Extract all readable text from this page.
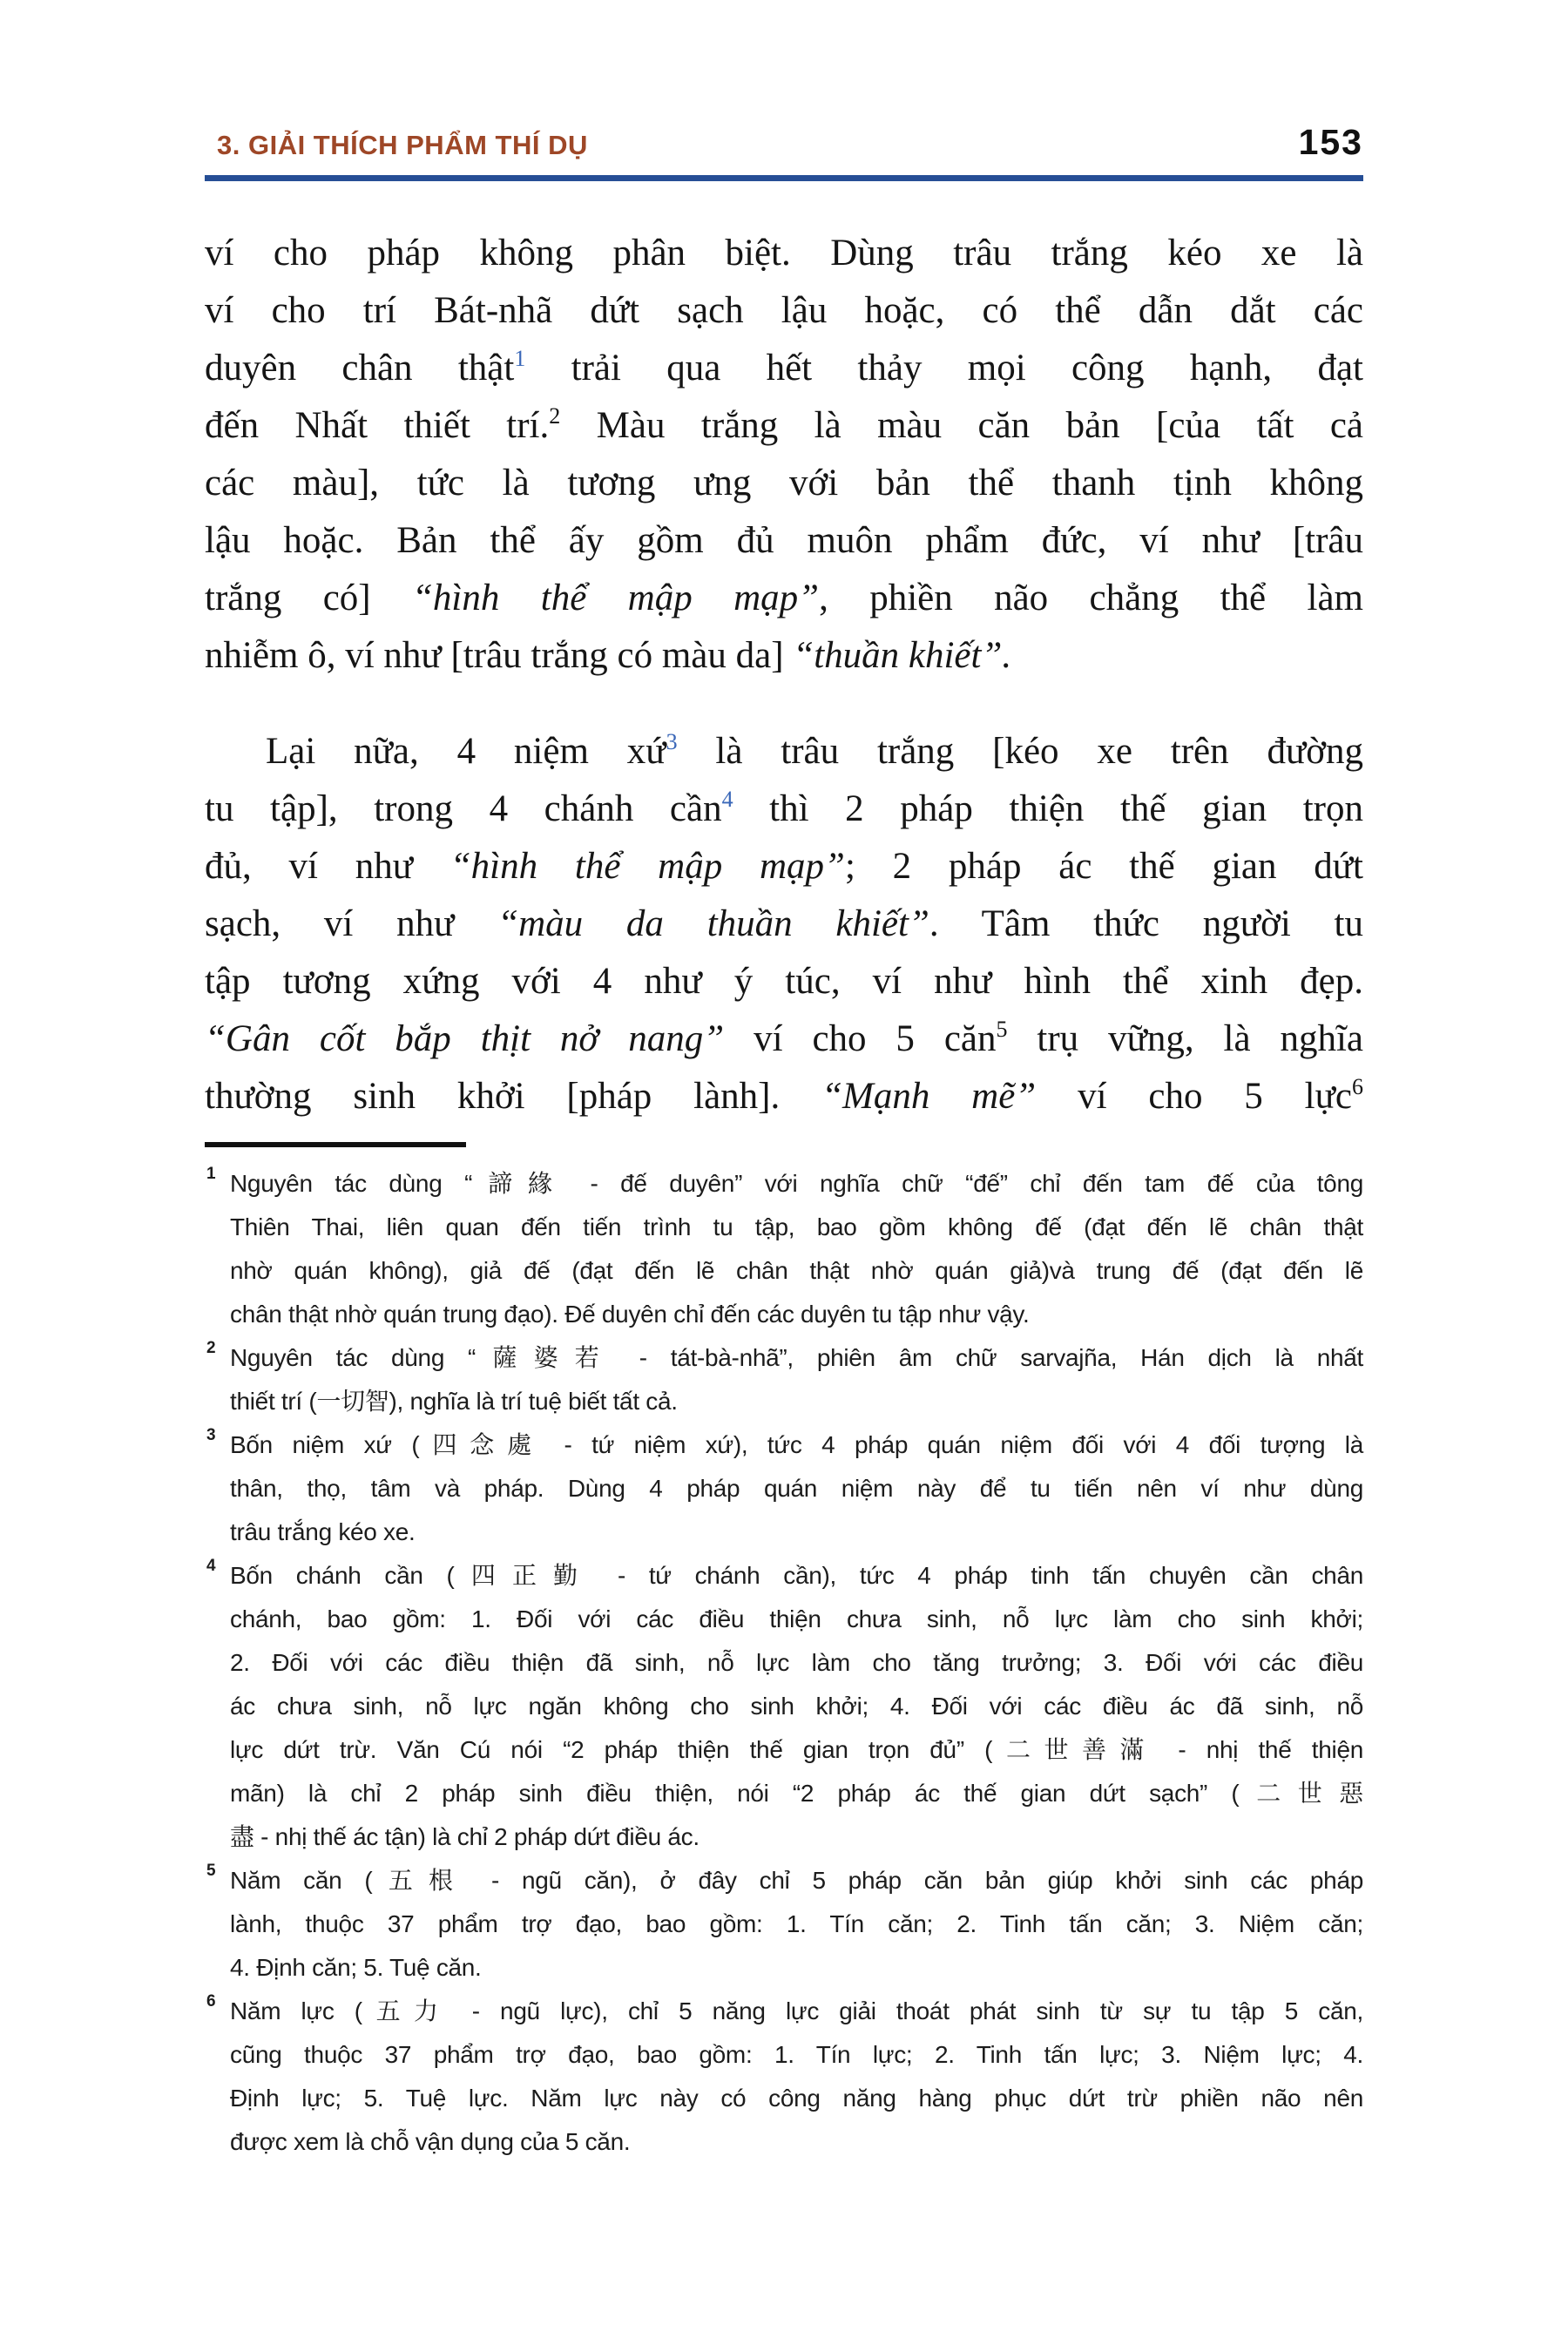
3. GIẢI THÍCH PHẨM THÍ DỤ	153
ví cho pháp không phân biệt. Dùng trâu trắng kéo xe là
ví cho trí Bát-nhã dứt sạch lậu hoặc, có thể dẫn dắt các
duyên chân thật$^1$ trải qua hết thảy mọi công hạnh, đạt
đến Nhất thiết trí.$^2$ Màu trắng là màu căn bản [của tất cả
các màu], tức là tương ưng với bản thể thanh tịnh không
lậu hoặc. Bản thể ấy gồm đủ muôn phẩm đức, ví như [trâu
trắng có] “hình thể mập mạp”, phiền não chẳng thể làm
nhiễm ô, ví như [trâu trắng có màu da] “thuần khiết”.
Lại nữa, 4 niệm xứ$^3$ là trâu trắng [kéo xe trên đường
tu tập], trong 4 chánh cần$^4$ thì 2 pháp thiện thế gian trọn
đủ, ví như “hình thể mập mạp”; 2 pháp ác thế gian dứt
sạch, ví như “màu da thuần khiết”. Tâm thức người tu
tập tương xứng với 4 như ý túc, ví như hình thể xinh đẹp.
“Gân cốt bắp thịt nở nang” ví cho 5 căn$^5$ trụ vững, là nghĩa
thường sinh khởi [pháp lành]. “Mạnh mẽ” ví cho 5 lực$^6$
1 Nguyên tác dùng “諦緣 - đế duyên” với nghĩa chữ “đế” chỉ đến tam đế của tông
Thiên Thai, liên quan đến tiến trình tu tập, bao gồm không đế (đạt đến lẽ chân thật
nhờ quán không), giả đế (đạt đến lẽ chân thật nhờ quán giả)và trung đế (đạt đến lẽ
chân thật nhờ quán trung đạo). Đế duyên chỉ đến các duyên tu tập như vậy.
2 Nguyên tác dùng “薩婆若 - tát-bà-nhã”, phiên âm chữ sarvajña, Hán dịch là nhất
thiết trí (一切智), nghĩa là trí tuệ biết tất cả.
3 Bốn niệm xứ (四念處 - tứ niệm xứ), tức 4 pháp quán niệm đối với 4 đối tượng là
thân, thọ, tâm và pháp. Dùng 4 pháp quán niệm này để tu tiến nên ví như dùng
trâu trắng kéo xe.
4 Bốn chánh cần (四正勤 - tứ chánh cần), tức 4 pháp tinh tấn chuyên cần chân
chánh, bao gồm: 1. Đối với các điều thiện chưa sinh, nỗ lực làm cho sinh khởi;
2. Đối với các điều thiện đã sinh, nỗ lực làm cho tăng trưởng; 3. Đối với các điều
ác chưa sinh, nỗ lực ngăn không cho sinh khởi; 4. Đối với các điều ác đã sinh, nỗ
lực dứt trừ. Văn Cú nói “2 pháp thiện thế gian trọn đủ” (二世善滿 - nhị thế thiện
mãn) là chỉ 2 pháp sinh điều thiện, nói “2 pháp ác thế gian dứt sạch” (二世惡
盡 - nhị thế ác tận) là chỉ 2 pháp dứt điều ác.
5 Năm căn (五根 - ngũ căn), ở đây chỉ 5 pháp căn bản giúp khởi sinh các pháp
lành, thuộc 37 phẩm trợ đạo, bao gồm: 1. Tín căn; 2. Tinh tấn căn; 3. Niệm căn;
4. Định căn; 5. Tuệ căn.
6 Năm lực (五力 - ngũ lực), chỉ 5 năng lực giải thoát phát sinh từ sự tu tập 5 căn,
cũng thuộc 37 phẩm trợ đạo, bao gồm: 1. Tín lực; 2. Tinh tấn lực; 3. Niệm lực; 4.
Định lực; 5. Tuệ lực. Năm lực này có công năng hàng phục dứt trừ phiền não nên
được xem là chỗ vận dụng của 5 căn.
